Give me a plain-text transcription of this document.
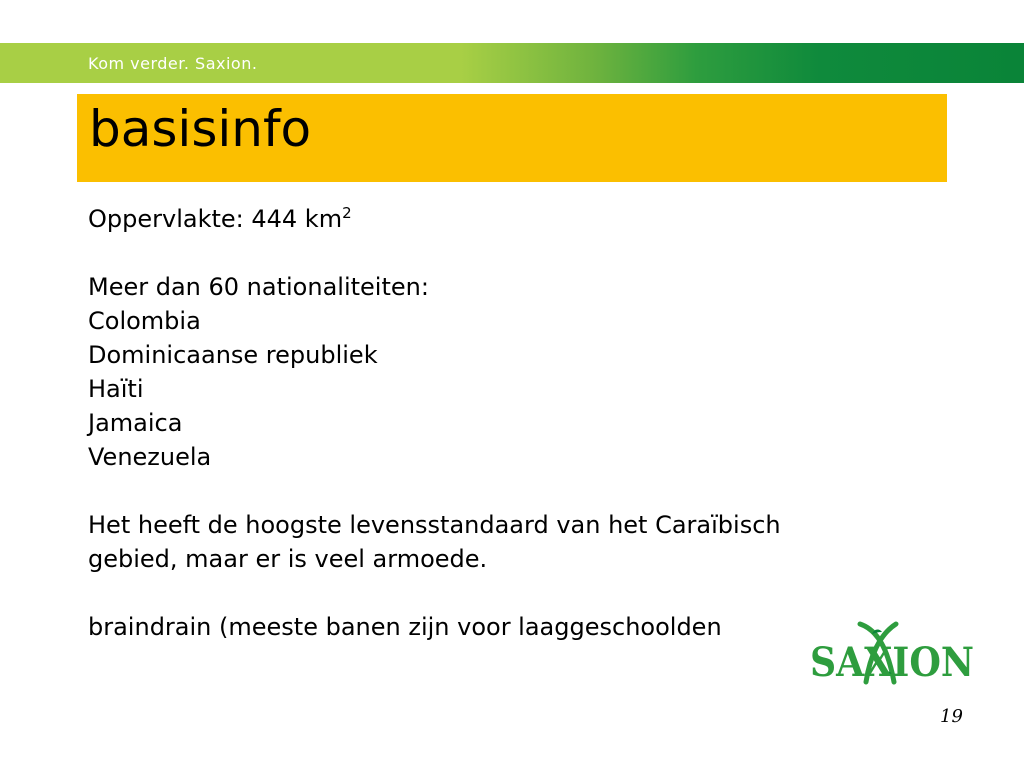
Kom verder. Saxion.
basisinfo
Oppervlakte: 444 $km^2$
Meer dan 60 nationaliteiten:
Colombia
Dominicaanse republiek
Haïti
Jamaica
Venezuela
Het heeft de hoogste levensstandaard van het Caraïbisch
gebied, maar er is veel armoede.
braindrain (meeste banen zijn voor laaggeschoolden
SAXION
19
